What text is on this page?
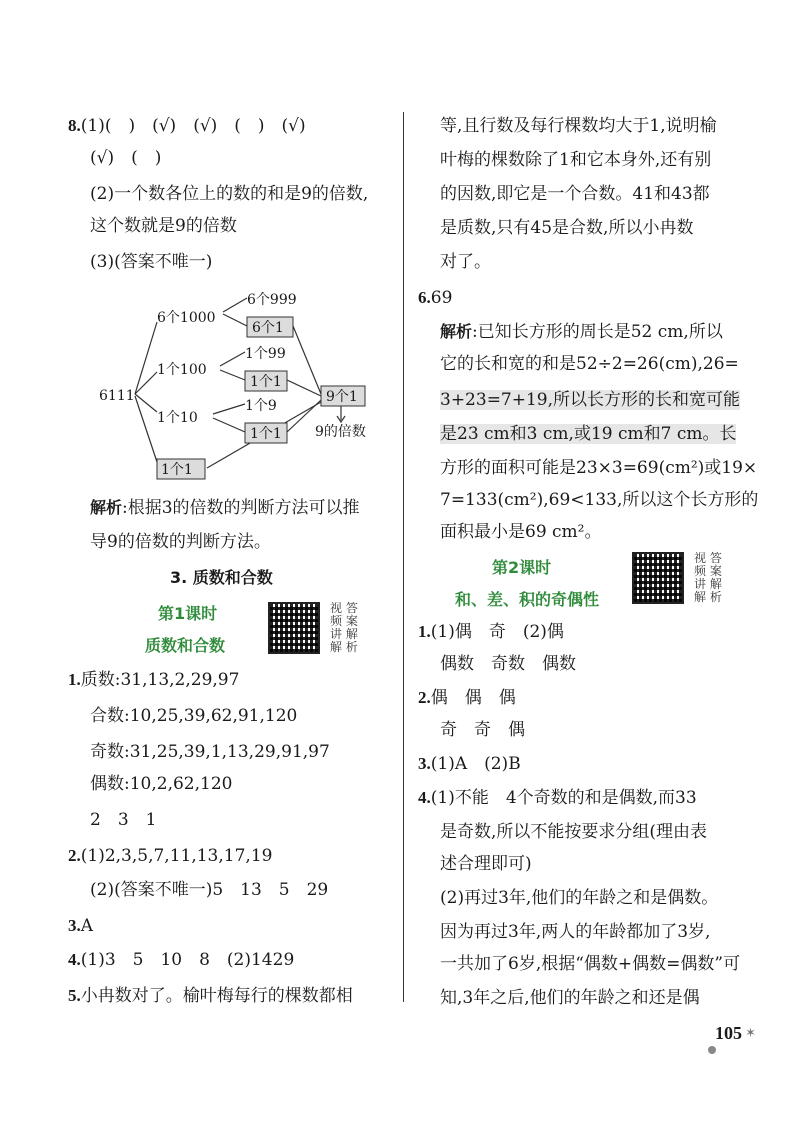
8.(1)(　)　(√)　(√)　(　)　(√)
(√)　(　)
(2)一个数各位上的数的和是9的倍数,
这个数就是9的倍数
(3)(答案不唯一)
6111
6个1000
6个999
6个1
1个100
1个99
1个1
1个10
1个9
1个1
1个1
9个1
9的倍数
解析:根据3的倍数的判断方法可以推
导9的倍数的判断方法。
3. 质数和合数
第1课时
质数和合数
视 答
频 案
讲 解
解 析
1.质数:31,13,2,29,97
合数:10,25,39,62,91,120
奇数:31,25,39,1,13,29,91,97
偶数:10,2,62,120
2　3　1
2.(1)2,3,5,7,11,13,17,19
(2)(答案不唯一)5　13　5　29
3.A
4.(1)3　5　10　8　(2)1429
5.小冉数对了。榆叶梅每行的棵数都相
等,且行数及每行棵数均大于1,说明榆
叶梅的棵数除了1和它本身外,还有别
的因数,即它是一个合数。41和43都
是质数,只有45是合数,所以小冉数
对了。
6.69
解析:已知长方形的周长是52 cm,所以
它的长和宽的和是52÷2=26(cm),26=
3+23=7+19,所以长方形的长和宽可能
是23 cm和3 cm,或19 cm和7 cm。长
方形的面积可能是23×3=69(cm²)或19×
7=133(cm²),69<133,所以这个长方形的
面积最小是69 cm²。
第2课时
和、差、积的奇偶性
视 答
频 案
讲 解
解 析
1.(1)偶　奇　(2)偶
偶数　奇数　偶数
2.偶　偶　偶
奇　奇　偶
3.(1)A　(2)B
4.(1)不能　4个奇数的和是偶数,而33
是奇数,所以不能按要求分组(理由表
述合理即可)
(2)再过3年,他们的年龄之和是偶数。
因为再过3年,两人的年龄都加了3岁,
一共加了6岁,根据“偶数+偶数=偶数”可
知,3年之后,他们的年龄之和还是偶
105 ✶
